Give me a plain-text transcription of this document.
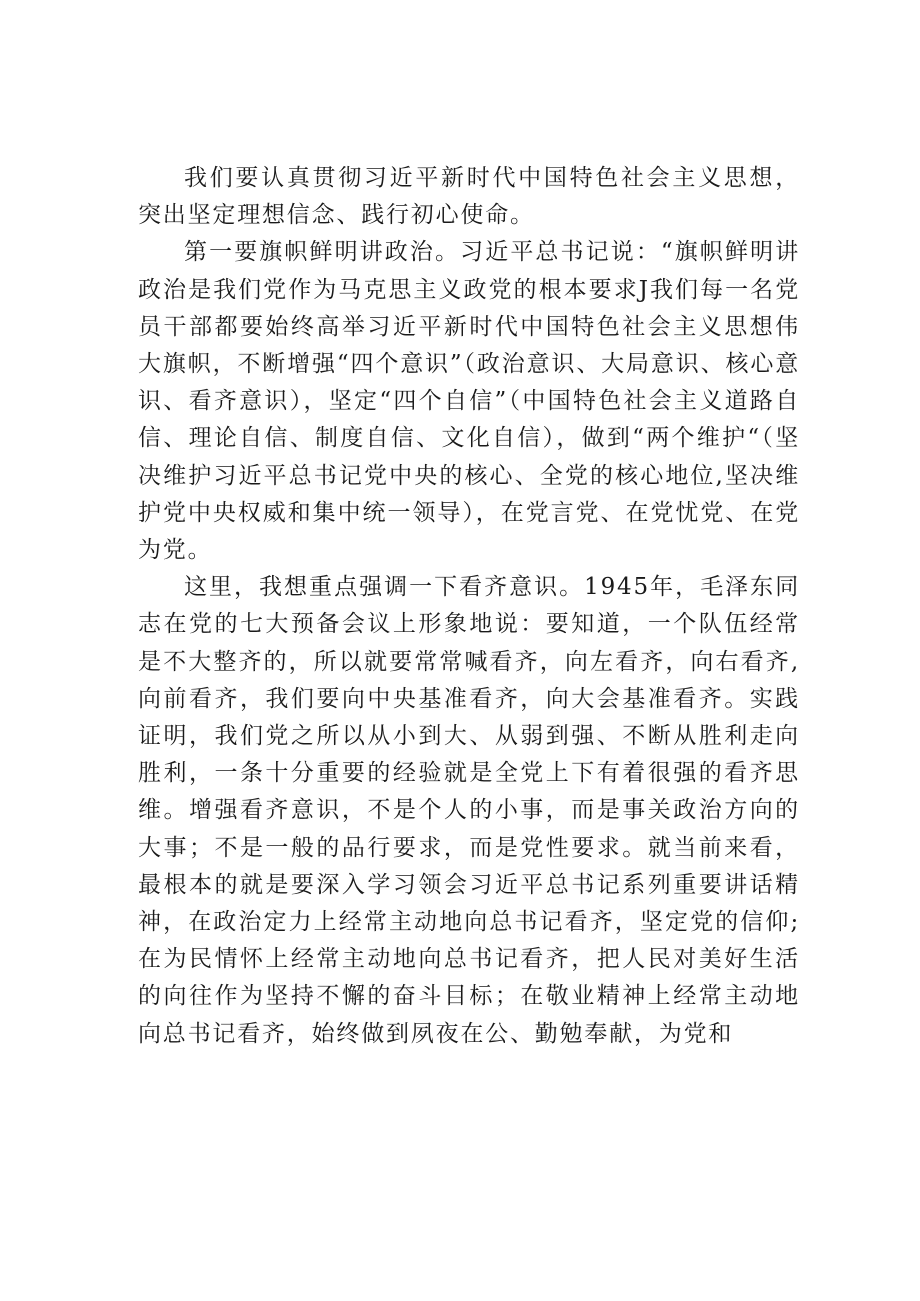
我们要认真贯彻习近平新时代中国特色社会主义思想，突出坚定理想信念、践行初心使命。

第一要旗帜鲜明讲政治。习近平总书记说：“旗帜鲜明讲政治是我们党作为马克思主义政党的根本要求J我们每一名党员干部都要始终高举习近平新时代中国特色社会主义思想伟大旗帜，不断增强“四个意识”（政治意识、大局意识、核心意识、看齐意识），坚定“四个自信”（中国特色社会主义道路自信、理论自信、制度自信、文化自信），做到“两个维护“（坚决维护习近平总书记党中央的核心、全党的核心地位,坚决维护党中央权威和集中统一领导），在党言党、在党忧党、在党为党。

这里，我想重点强调一下看齐意识。1945年，毛泽东同志在党的七大预备会议上形象地说：要知道，一个队伍经常是不大整齐的，所以就要常常喊看齐，向左看齐，向右看齐,向前看齐，我们要向中央基准看齐，向大会基准看齐。实践证明，我们党之所以从小到大、从弱到强、不断从胜利走向胜利，一条十分重要的经验就是全党上下有着很强的看齐思维。增强看齐意识，不是个人的小事，而是事关政治方向的大事；不是一般的品行要求，而是党性要求。就当前来看，最根本的就是要深入学习领会习近平总书记系列重要讲话精神，在政治定力上经常主动地向总书记看齐，坚定党的信仰;在为民情怀上经常主动地向总书记看齐，把人民对美好生活的向往作为坚持不懈的奋斗目标；在敬业精神上经常主动地向总书记看齐，始终做到夙夜在公、勤勉奉献，为党和
